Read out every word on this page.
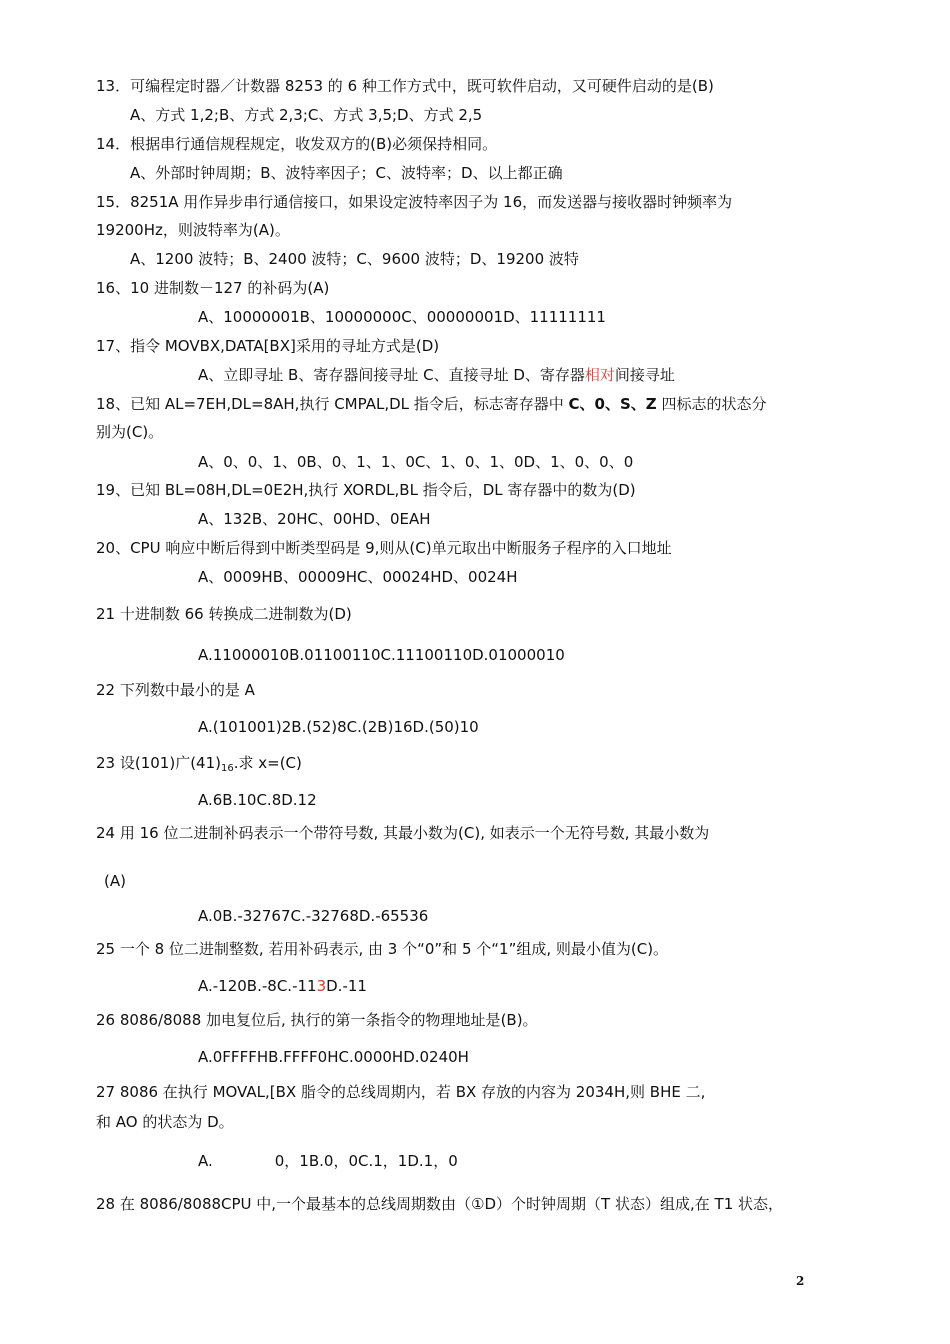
13．可编程定时器／计数器 8253 的 6 种工作方式中，既可软件启动，又可硬件启动的是(B)
A、方式 1,2;B、方式 2,3;C、方式 3,5;D、方式 2,5
14．根据串行通信规程规定，收发双方的(B)必须保持相同。
A、外部时钟周期；B、波特率因子；C、波特率；D、以上都正确
15．8251A 用作异步串行通信接口，如果设定波特率因子为 16，而发送器与接收器时钟频率为
19200Hz，则波特率为(A)。
A、1200 波特；B、2400 波特；C、9600 波特；D、19200 波特
16、10 进制数－127 的补码为(A)
A、10000001B、10000000C、00000001D、11111111
17、指令 MOVBX,DATA[BX]采用的寻址方式是(D)
A、立即寻址 B、寄存器间接寻址 C、直接寻址 D、寄存器相对间接寻址
18、已知 AL=7EH,DL=8AH,执行 CMPAL,DL 指令后，标志寄存器中 C、0、S、Z 四标志的状态分
别为(C)。
A、0、0、1、0B、0、1、1、0C、1、0、1、0D、1、0、0、0
19、已知 BL=08H,DL=0E2H,执行 XORDL,BL 指令后，DL 寄存器中的数为(D)
A、132B、20HC、00HD、0EAH
20、CPU 响应中断后得到中断类型码是 9,则从(C)单元取出中断服务子程序的入口地址
A、0009HB、00009HC、00024HD、0024H
21 十进制数 66 转换成二进制数为(D)
A.11000010B.01100110C.11100110D.01000010
22 下列数中最小的是 A
A.(101001)2B.(52)8C.(2B)16D.(50)10
23 设(101)广$(41)_{16}$.求 x=(C)
A.6B.10C.8D.12
24 用 16 位二进制补码表示一个带符号数, 其最小数为(C), 如表示一个无符号数, 其最小数为
(A)
A.0B.-32767C.-32768D.-65536
25 一个 8 位二进制整数, 若用补码表示, 由 3 个“0”和 5 个“1”组成, 则最小值为(C)。
A.-120B.-8C.-113D.-11
26 8086/8088 加电复位后, 执行的第一条指令的物理地址是(B)。
A.0FFFFHB.FFFF0HC.0000HD.0240H
27 8086 在执行 MOVAL,[BX 脂令的总线周期内，若 BX 存放的内容为 2034H,则 BHE 二,
和 AO 的状态为 D。
A.	0，1B.0，0C.1，1D.1，0
28 在 8086/8088CPU 中,一个最基本的总线周期数由（①D）个时钟周期（T 状态）组成,在 T1 状态，
2
